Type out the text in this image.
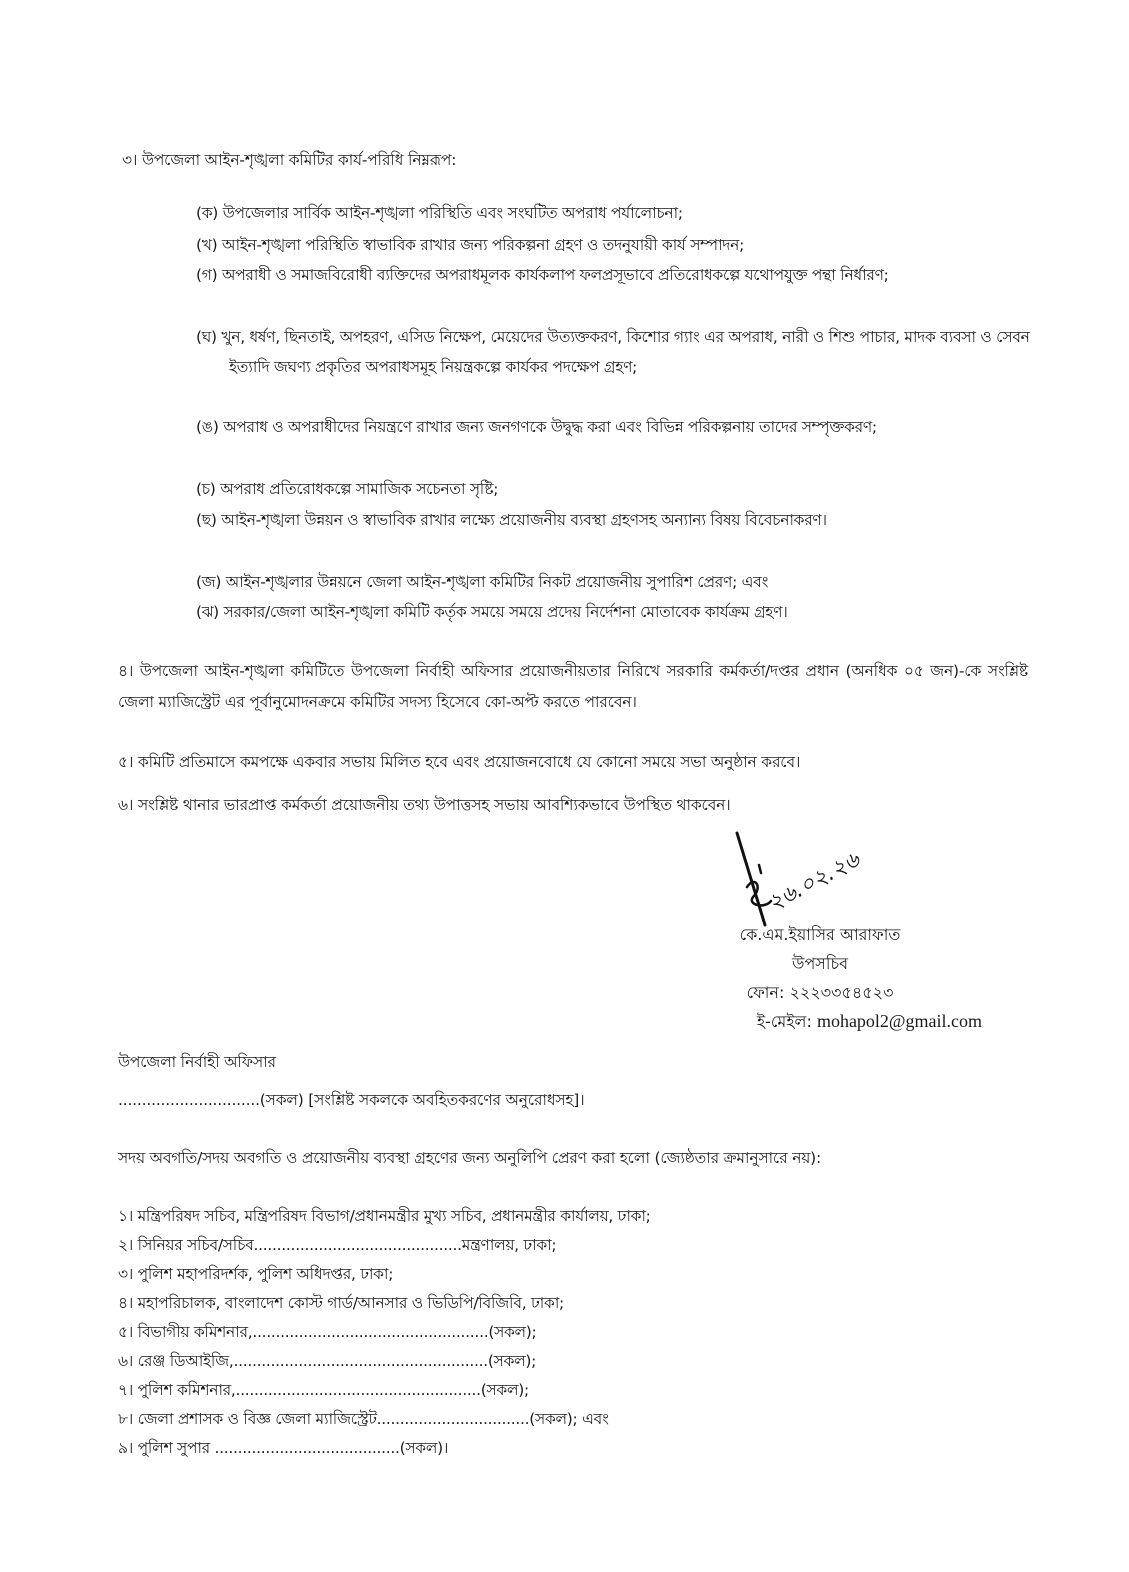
৩। উপজেলা আইন-শৃঙ্খলা কমিটির কার্য-পরিধি নিম্নরূপ:
(ক) উপজেলার সার্বিক আইন-শৃঙ্খলা পরিস্থিতি এবং সংঘটিত অপরাধ পর্যালোচনা;
(খ) আইন-শৃঙ্খলা পরিস্থিতি স্বাভাবিক রাখার জন্য পরিকল্পনা গ্রহণ ও তদনুযায়ী কার্য সম্পাদন;
(গ) অপরাধী ও সমাজবিরোধী ব্যক্তিদের অপরাধমূলক কার্যকলাপ ফলপ্রসূভাবে প্রতিরোধকল্পে যথোপযুক্ত পন্থা নির্ধারণ;
(ঘ) খুন, ধর্ষণ, ছিনতাই, অপহরণ, এসিড নিক্ষেপ, মেয়েদের উত্যক্তকরণ, কিশোর গ্যাং এর অপরাধ, নারী ও শিশু পাচার, মাদক ব্যবসা ও সেবন ইত্যাদি জঘণ্য প্রকৃতির অপরাধসমূহ নিয়ন্ত্রকল্পে কার্যকর পদক্ষেপ গ্রহণ;
(ঙ) অপরাধ ও অপরাধীদের নিয়ন্ত্রণে রাখার জন্য জনগণকে উদ্বুদ্ধ করা এবং বিভিন্ন পরিকল্পনায় তাদের সম্পৃক্তকরণ;
(চ) অপরাধ প্রতিরোধকল্পে সামাজিক সচেনতা সৃষ্টি;
(ছ) আইন-শৃঙ্খলা উন্নয়ন ও স্বাভাবিক রাখার লক্ষ্যে প্রয়োজনীয় ব্যবস্থা গ্রহণসহ অন্যান্য বিষয় বিবেচনাকরণ।
(জ) আইন-শৃঙ্খলার উন্নয়নে জেলা আইন-শৃঙ্খলা কমিটির নিকট প্রয়োজনীয় সুপারিশ প্রেরণ; এবং
(ঝ) সরকার/জেলা আইন-শৃঙ্খলা কমিটি কর্তৃক সময়ে সময়ে প্রদেয় নির্দেশনা মোতাবেক কার্যক্রম গ্রহণ।
৪। উপজেলা আইন-শৃঙ্খলা কমিটিতে উপজেলা নির্বাহী অফিসার প্রয়োজনীয়তার নিরিখে সরকারি কর্মকর্তা/দপ্তর প্রধান (অনধিক ০৫ জন)-কে সংশ্লিষ্ট জেলা ম্যাজিস্ট্রেট এর পূর্বানুমোদনক্রমে কমিটির সদস্য হিসেবে কো-অপ্ট করতে পারবেন।
৫। কমিটি প্রতিমাসে কমপক্ষে একবার সভায় মিলিত হবে এবং প্রয়োজনবোধে যে কোনো সময়ে সভা অনুষ্ঠান করবে।
৬। সংশ্লিষ্ট থানার ভারপ্রাপ্ত কর্মকর্তা প্রয়োজনীয় তথ্য উপাত্তসহ সভায় আবশ্যিকভাবে উপস্থিত থাকবেন।
২৬.০২.২৬
কে.এম.ইয়াসির আরাফাত
উপসচিব
ফোন: ২২২৩৩৫৪৫২৩
ই-মেইল: mohapol2@gmail.com
উপজেলা নির্বাহী অফিসার
..............................(সকল) [সংশ্লিষ্ট সকলকে অবহিতকরণের অনুরোধসহ]।
সদয় অবগতি/সদয় অবগতি ও প্রয়োজনীয় ব্যবস্থা গ্রহণের জন্য অনুলিপি প্রেরণ করা হলো (জ্যেষ্ঠতার ক্রমানুসারে নয়):
১। মন্ত্রিপরিষদ সচিব, মন্ত্রিপরিষদ বিভাগ/প্রধানমন্ত্রীর মুখ্য সচিব, প্রধানমন্ত্রীর কার্যালয়, ঢাকা;
২। সিনিয়র সচিব/সচিব.............................................মন্ত্রণালয়, ঢাকা;
৩। পুলিশ মহাপরিদর্শক, পুলিশ অধিদপ্তর, ঢাকা;
৪। মহাপরিচালক, বাংলাদেশ কোস্ট গার্ড/আনসার ও ভিডিপি/বিজিবি, ঢাকা;
৫। বিভাগীয় কমিশনার,...................................................(সকল);
৬। রেঞ্জ ডিআইজি,.......................................................(সকল);
৭। পুলিশ কমিশনার,.....................................................(সকল);
৮। জেলা প্রশাসক ও বিজ্ঞ জেলা ম্যাজিস্ট্রেট.................................(সকল); এবং
৯। পুলিশ সুপার ........................................(সকল)।
